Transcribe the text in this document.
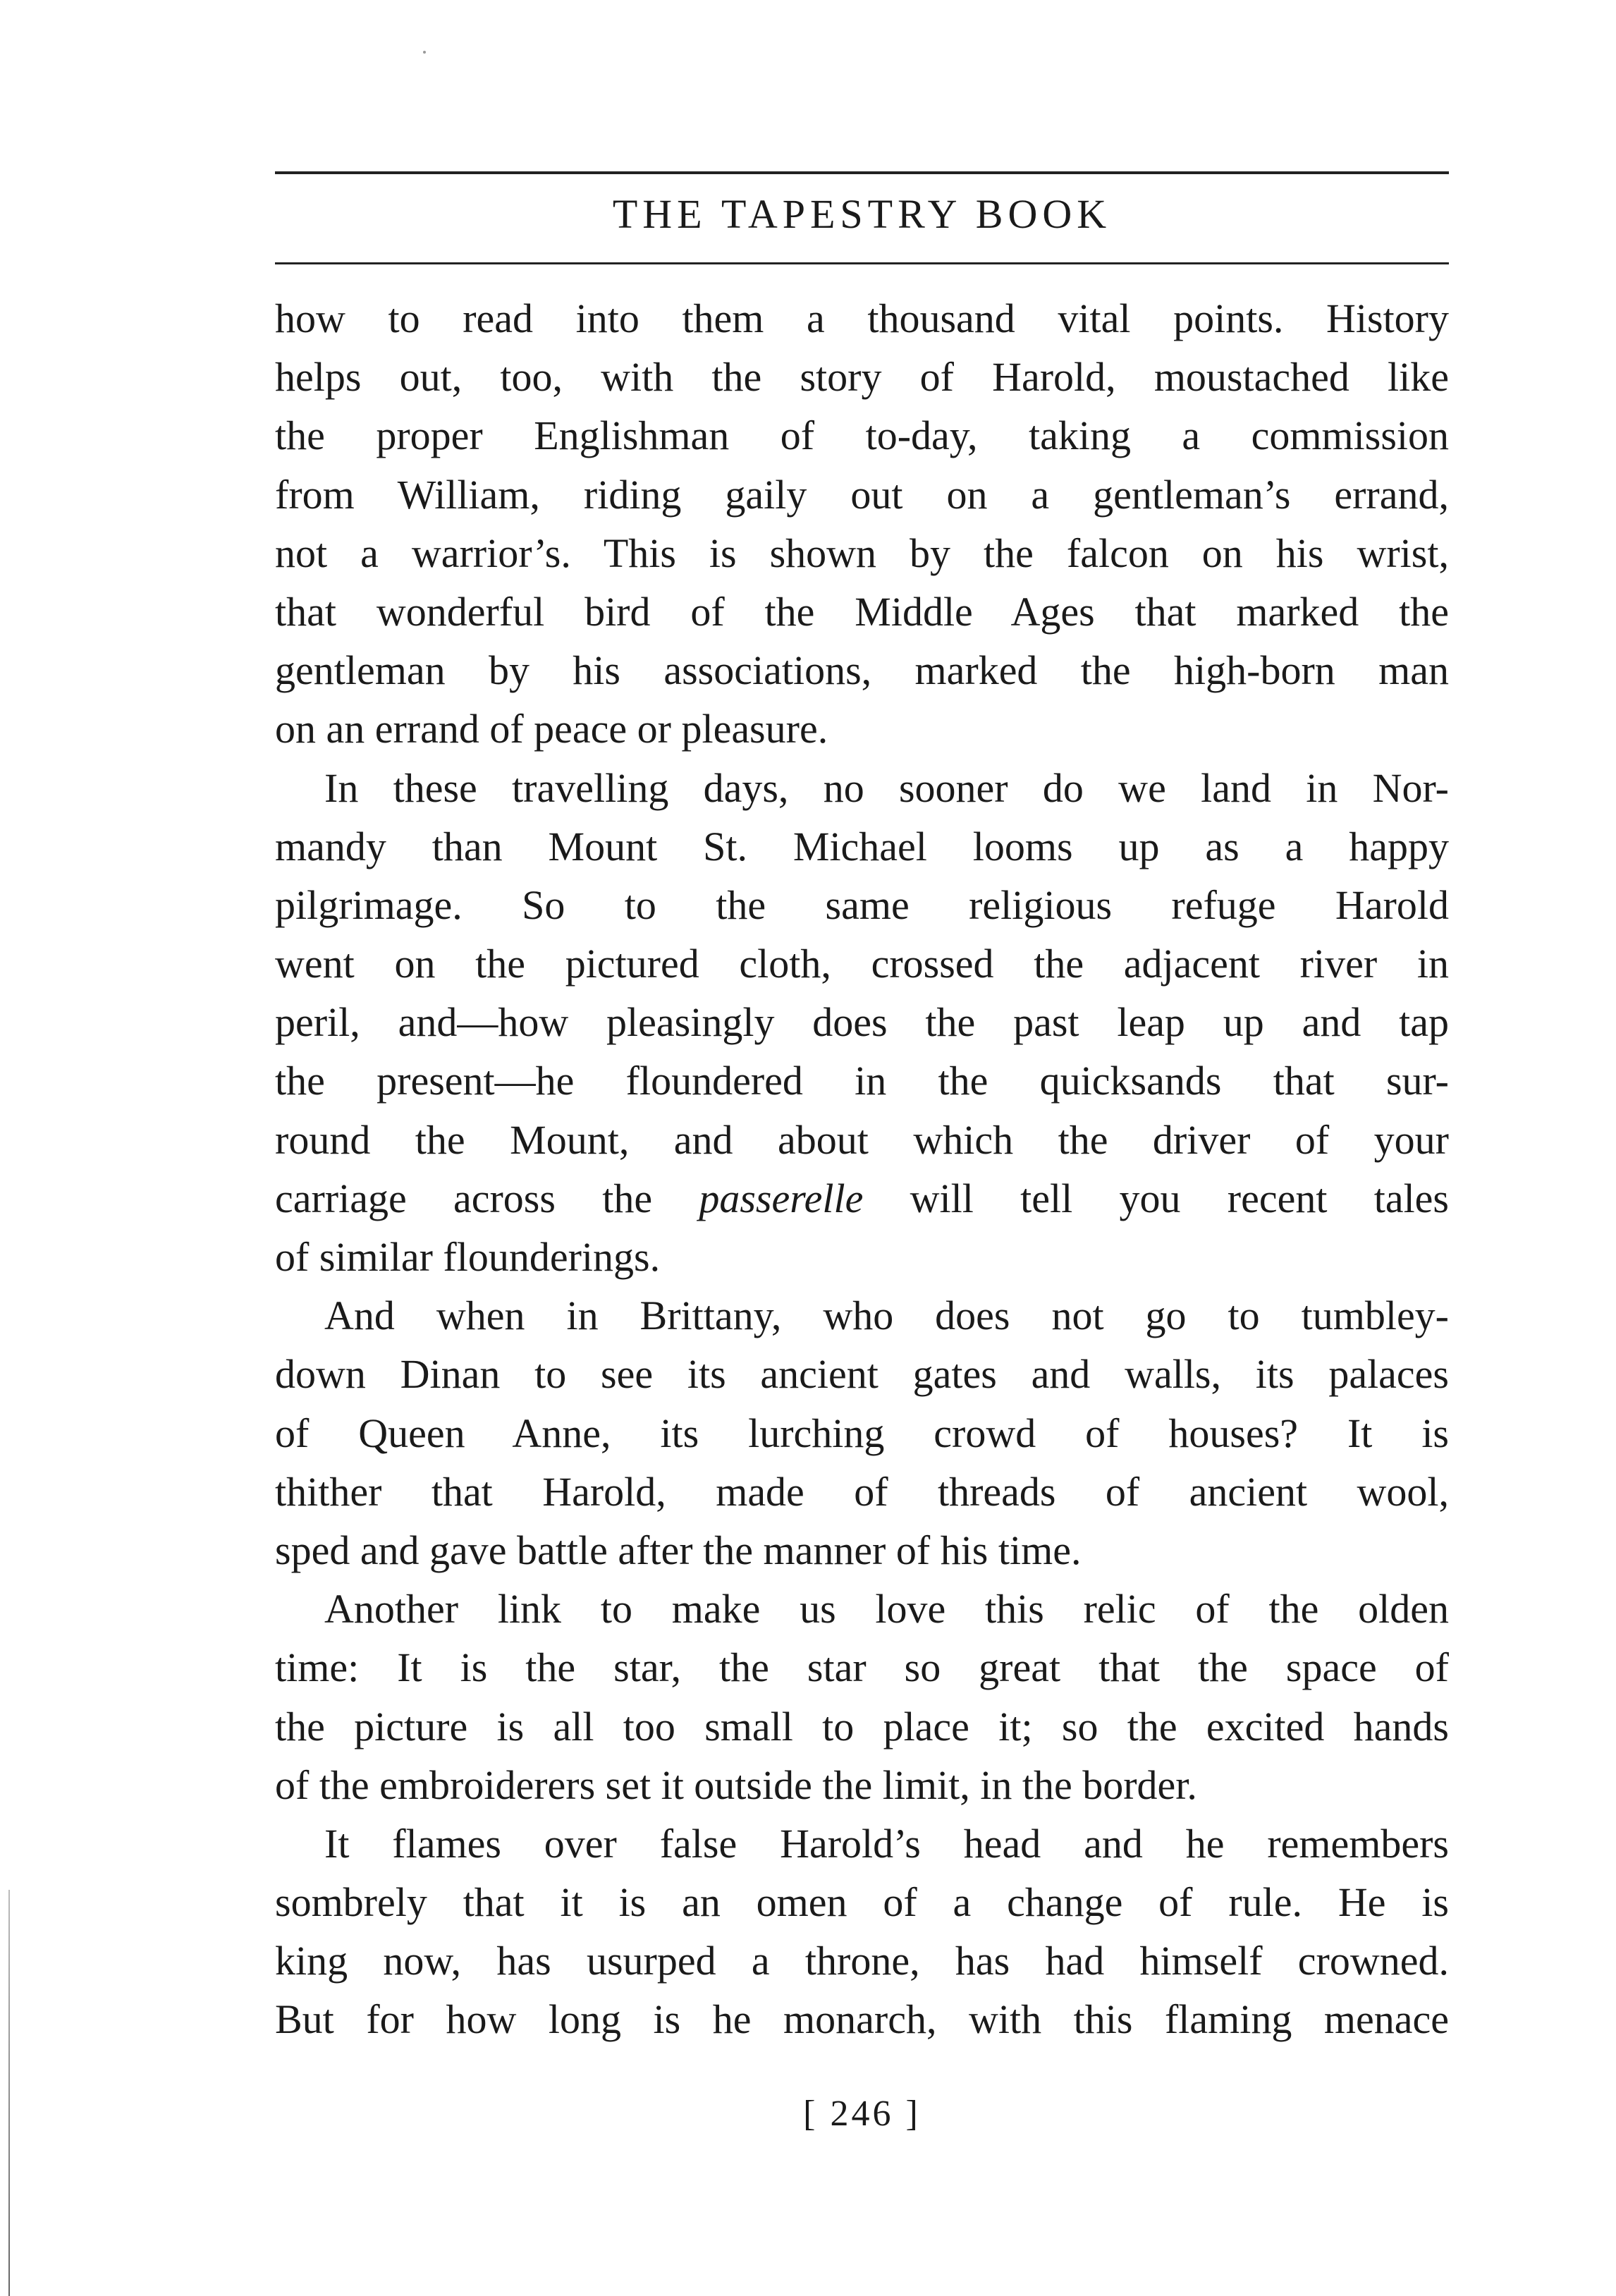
THE TAPESTRY BOOK
how to read into them a thousand vital points. History
helps out, too, with the story of Harold, moustached like
the proper Englishman of to-day, taking a commission
from William, riding gaily out on a gentleman’s errand,
not a warrior’s. This is shown by the falcon on his wrist,
that wonderful bird of the Middle Ages that marked the
gentleman by his associations, marked the high-born man
on an errand of peace or pleasure.
In these travelling days, no sooner do we land in Nor-
mandy than Mount St. Michael looms up as a happy
pilgrimage. So to the same religious refuge Harold
went on the pictured cloth, crossed the adjacent river in
peril, and—how pleasingly does the past leap up and tap
the present—he floundered in the quicksands that sur-
round the Mount, and about which the driver of your
carriage across the passerelle will tell you recent tales
of similar flounderings.
And when in Brittany, who does not go to tumbley-
down Dinan to see its ancient gates and walls, its palaces
of Queen Anne, its lurching crowd of houses? It is
thither that Harold, made of threads of ancient wool,
sped and gave battle after the manner of his time.
Another link to make us love this relic of the olden
time: It is the star, the star so great that the space of
the picture is all too small to place it; so the excited hands
of the embroiderers set it outside the limit, in the border.
It flames over false Harold’s head and he remembers
sombrely that it is an omen of a change of rule. He is
king now, has usurped a throne, has had himself crowned.
But for how long is he monarch, with this flaming menace
[ 246 ]
